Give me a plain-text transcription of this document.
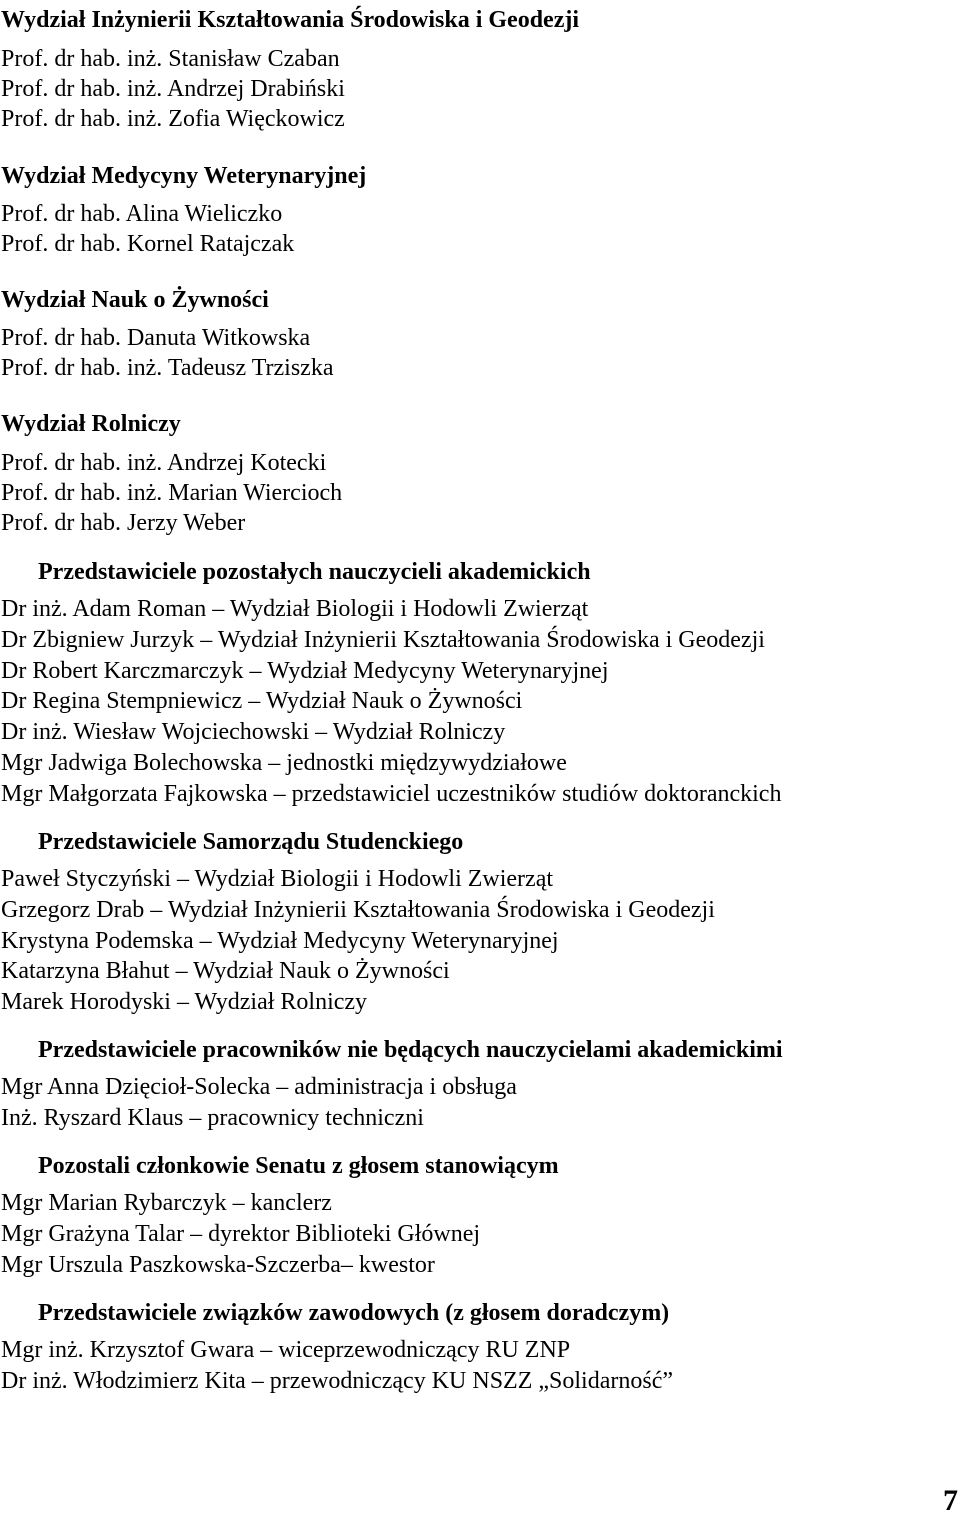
Wydział Inżynierii Kształtowania Środowiska i Geodezji
Prof. dr hab. inż. Stanisław Czaban
Prof. dr hab. inż. Andrzej Drabiński
Prof. dr hab. inż. Zofia Więckowicz
Wydział Medycyny Weterynaryjnej
Prof. dr hab. Alina Wieliczko
Prof. dr hab. Kornel Ratajczak
Wydział Nauk o Żywności
Prof. dr hab. Danuta Witkowska
Prof. dr hab. inż. Tadeusz Trziszka
Wydział Rolniczy
Prof. dr hab. inż. Andrzej Kotecki
Prof. dr hab. inż. Marian Wiercioch
Prof. dr hab. Jerzy Weber
Przedstawiciele pozostałych nauczycieli akademickich
Dr inż. Adam Roman – Wydział Biologii i Hodowli Zwierząt
Dr Zbigniew Jurzyk – Wydział Inżynierii Kształtowania Środowiska i Geodezji
Dr Robert Karczmarczyk – Wydział Medycyny Weterynaryjnej
Dr Regina Stempniewicz – Wydział Nauk o Żywności
Dr inż. Wiesław Wojciechowski – Wydział Rolniczy
Mgr Jadwiga Bolechowska – jednostki międzywydziałowe
Mgr Małgorzata Fajkowska – przedstawiciel uczestników studiów doktoranckich
Przedstawiciele Samorządu Studenckiego
Paweł Styczyński – Wydział Biologii i Hodowli Zwierząt
Grzegorz Drab – Wydział Inżynierii Kształtowania Środowiska i Geodezji
Krystyna Podemska – Wydział Medycyny Weterynaryjnej
Katarzyna Błahut – Wydział Nauk o Żywności
Marek Horodyski – Wydział Rolniczy
Przedstawiciele pracowników nie będących nauczycielami akademickimi
Mgr Anna Dzięcioł-Solecka – administracja i obsługa
Inż. Ryszard Klaus – pracownicy techniczni
Pozostali członkowie Senatu z głosem stanowiącym
Mgr Marian Rybarczyk – kanclerz
Mgr Grażyna Talar – dyrektor Biblioteki Głównej
Mgr Urszula Paszkowska-Szczerba– kwestor
Przedstawiciele związków zawodowych (z głosem doradczym)
Mgr inż. Krzysztof Gwara – wiceprzewodniczący RU ZNP
Dr inż. Włodzimierz Kita – przewodniczący KU NSZZ „Solidarność”
7
